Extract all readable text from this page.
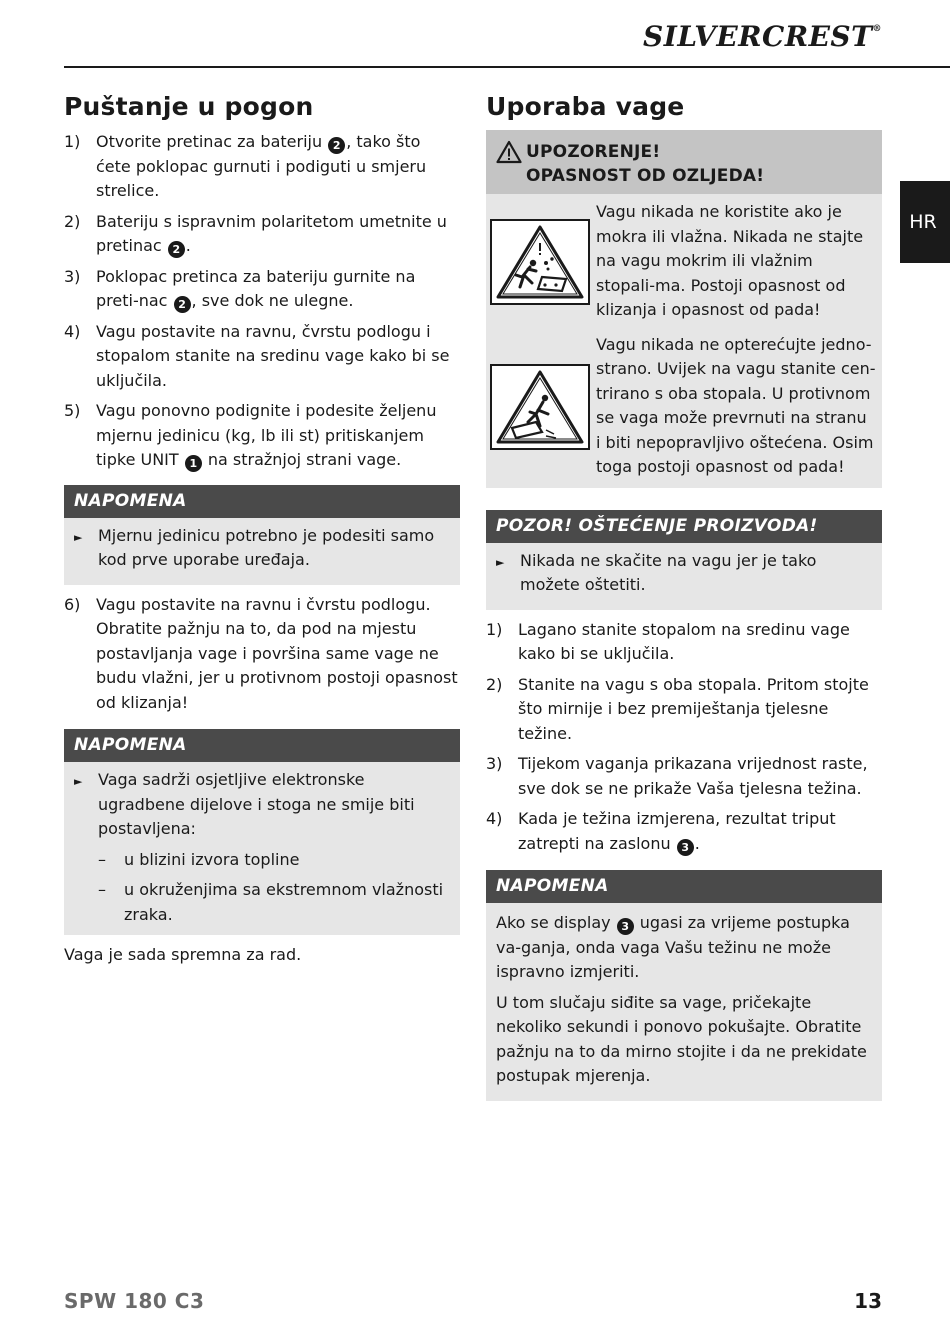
SILVERCREST®
HR
Puštanje u pogon
1) Otvorite pretinac za bateriju 2 , tako što ćete poklopac gurnuti i podiguti u smjeru strelice.
2) Bateriju s ispravnim polaritetom umetnite u pretinac 2 .
3) Poklopac pretinca za bateriju gurnite na preti-nac 2 , sve dok ne ulegne.
4) Vagu postavite na ravnu, čvrstu podlogu i stopalom stanite na sredinu vage kako bi se uključila.
5) Vagu ponovno podignite i podesite željenu mjernu jedinicu (kg, lb ili st) pritiskanjem tipke UNIT 1 na stražnjoj strani vage.
NAPOMENA
► Mjernu jedinicu potrebno je podesiti samo kod prve uporabe uređaja.
6) Vagu postavite na ravnu i čvrstu podlogu. Obratite pažnju na to, da pod na mjestu postavljanja vage i površina same vage ne budu vlažni, jer u protivnom postoji opasnost od klizanja!
NAPOMENA
► Vaga sadrži osjetljive elektronske ugradbene dijelove i stoga ne smije biti postavljena:
–	u blizini izvora topline
–	u okruženjima sa ekstremnom vlažnosti zraka.
Vaga je sada spremna za rad.
Uporaba vage
UPOZORENJE!
OPASNOST OD OZLJEDA!
Vagu nikada ne koristite ako je mokra ili vlažna. Nikada ne stajte na vagu mokrim ili vlažnim stopali-ma. Postoji opasnost od klizanja i opasnost od pada!
Vagu nikada ne opterećujte jedno-strano. Uvijek na vagu stanite cen-trirano s oba stopala. U protivnom se vaga može prevrnuti na stranu i biti nepopravljivo oštećena. Osim toga postoji opasnost od pada!
POZOR! OŠTEĆENJE PROIZVODA!
► Nikada ne skačite na vagu jer je tako možete oštetiti.
1) Lagano stanite stopalom na sredinu vage kako bi se uključila.
2) Stanite na vagu s oba stopala. Pritom stojte što mirnije i bez premiještanja tjelesne težine.
3) Tijekom vaganja prikazana vrijednost raste, sve dok se ne prikaže Vaša tjelesna težina.
4) Kada je težina izmjerena, rezultat triput zatrepti na zaslonu 3 .
NAPOMENA
Ako se display 3 ugasi za vrijeme postupka va-ganja, onda vaga Vašu težinu ne može ispravno izmjeriti.
U tom slučaju siđite sa vage, pričekajte nekoliko sekundi i ponovo pokušajte. Obratite pažnju na to da mirno stojite i da ne prekidate postupak mjerenja.
SPW 180 C3	13
